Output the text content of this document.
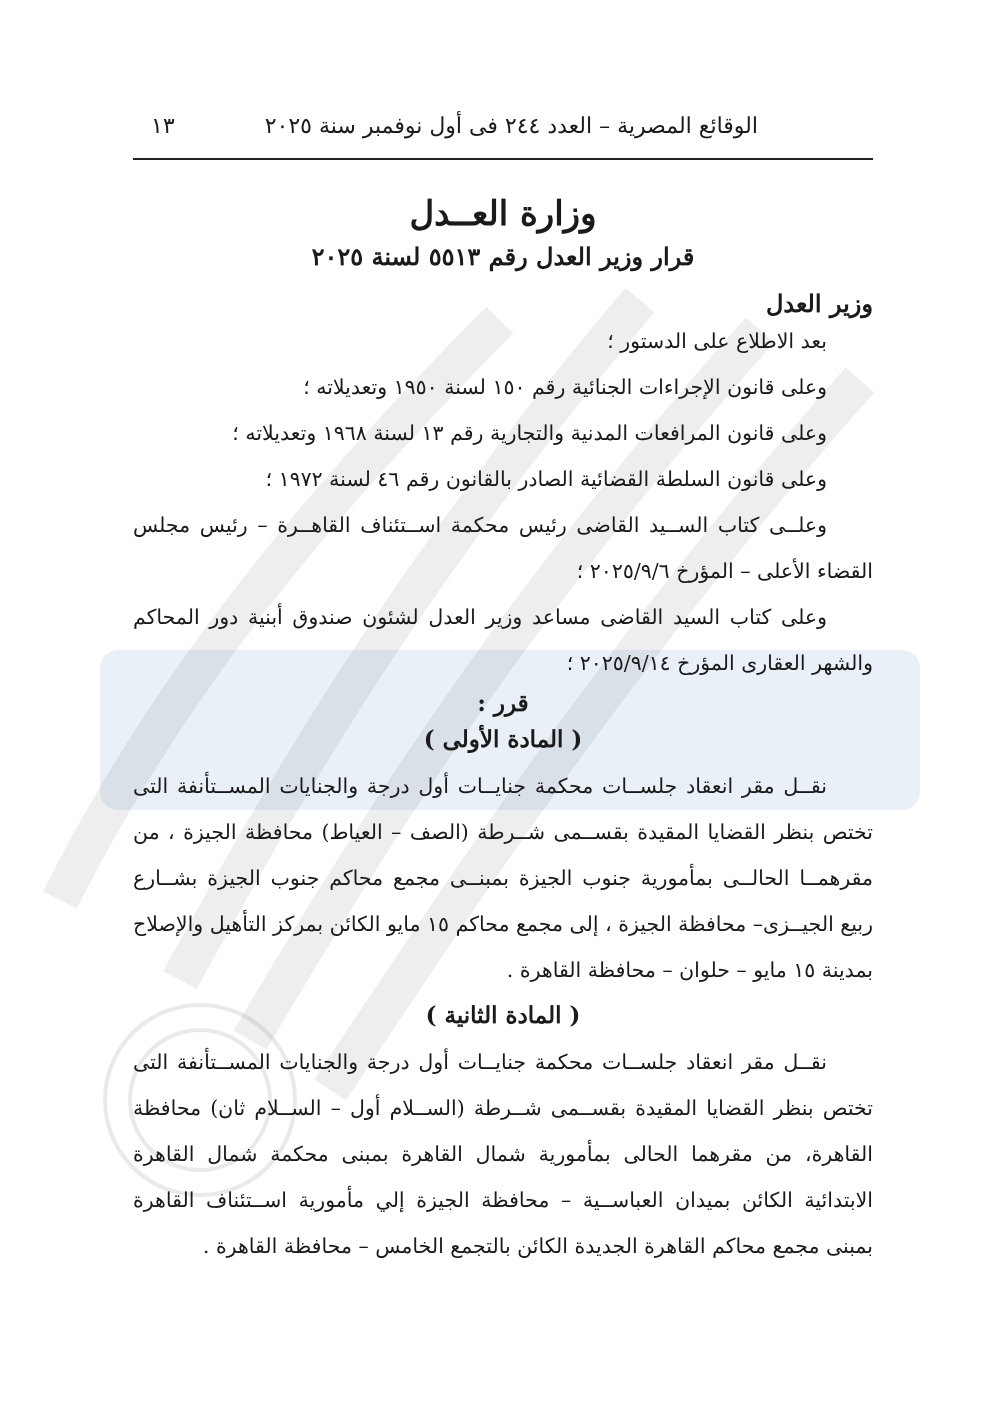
الوقائع المصرية – العدد ٢٤٤ فى أول نوفمبر سنة ٢٠٢٥
١٣
وزارة العــدل
قرار وزير العدل رقم ٥٥١٣ لسنة ٢٠٢٥
وزير العدل

بعد الاطلاع على الدستور ؛

وعلى قانون الإجراءات الجنائية رقم ١٥٠ لسنة ١٩٥٠ وتعديلاته ؛

وعلى قانون المرافعات المدنية والتجارية رقم ١٣ لسنة ١٩٦٨ وتعديلاته ؛

وعلى قانون السلطة القضائية الصادر بالقانون رقم ٤٦ لسنة ١٩٧٢ ؛

وعلــى كتاب الســيد القاضى رئيس محكمة اســتئناف القاهــرة – رئيس مجلس القضاء الأعلى – المؤرخ ٢٠٢٥/٩/٦ ؛

وعلى كتاب السيد القاضى مساعد وزير العدل لشئون صندوق أبنية دور المحاكم والشهر العقارى المؤرخ ٢٠٢٥/٩/١٤ ؛

قرر :

( المادة الأولى )

نقــل مقر انعقاد جلســات محكمة جنايــات أول درجة والجنايات المســتأنفة التى تختص بنظر القضايا المقيدة بقســمى شــرطة (الصف – العياط) محافظة الجيزة ، من مقرهمــا الحالــى بمأمورية جنوب الجيزة بمبنــى مجمع محاكم جنوب الجيزة بشــارع ربيع الجيــزى– محافظة الجيزة ، إلى مجمع محاكم ١٥ مايو الكائن بمركز التأهيل والإصلاح بمدينة ١٥ مايو – حلوان – محافظة القاهرة .

( المادة الثانية )

نقــل مقر انعقاد جلســات محكمة جنايــات أول درجة والجنايات المســتأنفة التى تختص بنظر القضايا المقيدة بقســمى شــرطة (الســلام أول – الســلام ثان) محافظة القاهرة، من مقرهما الحالى بمأمورية شمال القاهرة بمبنى محكمة شمال القاهرة الابتدائية الكائن بميدان العباســية – محافظة الجيزة إلي مأمورية اســتئناف القاهرة بمبنى مجمع محاكم القاهرة الجديدة الكائن بالتجمع الخامس – محافظة القاهرة .
